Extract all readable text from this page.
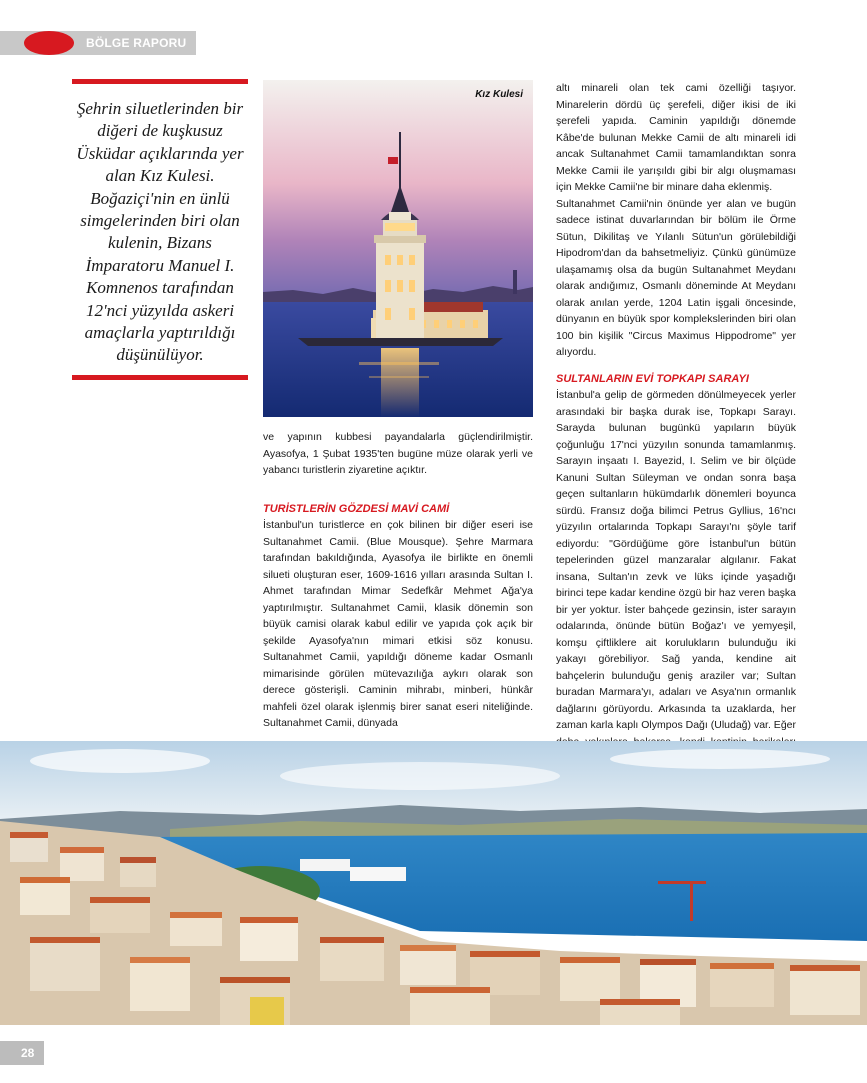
BÖLGE RAPORU
Şehrin siluetlerinden bir diğeri de kuşkusuz Üsküdar açıklarında yer alan Kız Kulesi. Boğaziçi'nin en ünlü simgelerinden biri olan kulenin, Bizans İmparatoru Manuel I. Komnenos tarafından 12'nci yüzyılda askeri amaçlarla yaptırıldığı düşünülüyor.
Kız Kulesi

ve yapının kubbesi payandalarla güçlendirilmiştir. Ayasofya, 1 Şubat 1935'ten bugüne müze olarak yerli ve yabancı turistlerin ziyaretine açıktır.

TURİSTLERİN GÖZDESİ MAVİ CAMİ

İstanbul'un turistlerce en çok bilinen bir diğer eseri ise Sultanahmet Camii. (Blue Mousque). Şehre Marmara tarafından bakıldığında, Ayasofya ile birlikte en önemli silueti oluşturan eser, 1609-1616 yılları arasında Sultan I. Ahmet tarafından Mimar Sedefkâr Mehmet Ağa'ya yaptırılmıştır. Sultanahmet Camii, klasik dönemin son büyük camisi olarak kabul edilir ve yapıda çok açık bir şekilde Ayasofya'nın mimari etkisi söz konusu. Sultanahmet Camii, yapıldığı döneme kadar Osmanlı mimarisinde görülen mütevazılığa aykırı olarak son derece gösterişli. Caminin mihrabı, minberi, hünkâr mahfeli özel olarak işlenmiş birer sanat eseri niteliğinde. Sultanahmet Camii, dünyada

altı minareli olan tek cami özelliği taşıyor. Minarelerin dördü üç şerefeli, diğer ikisi de iki şerefeli yapıda. Caminin yapıldığı dönemde Kâbe'de bulunan Mekke Camii de altı minareli idi ancak Sultanahmet Camii tamamlandıktan sonra Mekke Camii ile yarışıldı gibi bir algı oluşmaması için Mekke Camii'ne bir minare daha eklenmiş.

Sultanahmet Camii'nin önünde yer alan ve bugün sadece istinat duvarlarından bir bölüm ile Örme Sütun, Dikilitaş ve Yılanlı Sütun'un görülebildiği Hipodrom'dan da bahsetmeliyiz. Çünkü günümüze ulaşamamış olsa da bugün Sultanahmet Meydanı olarak andığımız, Osmanlı döneminde At Meydanı olarak anılan yerde, 1204 Latin işgali öncesinde, dünyanın en büyük spor komplekslerinden biri olan 100 bin kişilik "Circus Maximus Hippodrome" yer alıyordu.

SULTANLARIN EVİ TOPKAPI SARAYI

İstanbul'a gelip de görmeden dönülmeyecek yerler arasındaki bir başka durak ise, Topkapı Sarayı. Sarayda bulunan bugünkü yapıların büyük çoğunluğu 17'nci yüzyılın sonunda tamamlanmış. Sarayın inşaatı I. Bayezid, I. Selim ve bir ölçüde Kanuni Sultan Süleyman ve ondan sonra başa geçen sultanların hükümdarlık dönemleri boyunca sürdü. Fransız doğa bilimci Petrus Gyllius, 16'ncı yüzyılın ortalarında Topkapı Sarayı'nı şöyle tarif ediyordu: "Gördüğüme göre İstanbul'un bütün tepelerinden güzel manzaralar algılanır. Fakat insana, Sultan'ın zevk ve lüks içinde yaşadığı birinci tepe kadar kendine özgü bir haz veren başka bir yer yoktur. İster bahçede gezinsin, ister sarayın odalarında, önünde bütün Boğaz'ı ve yemyeşil, komşu çiftliklere ait korulukların bulunduğu iki yakayı görebiliyor. Sağ yanda, kendine ait bahçelerin bulunduğu geniş araziler var; Sultan buradan Marmara'yı, adaları ve Asya'nın ormanlık dağlarını görüyordu. Arkasında ta uzaklarda, her zaman karla kaplı Olympos Dağı (Uludağ) var. Eğer

28
